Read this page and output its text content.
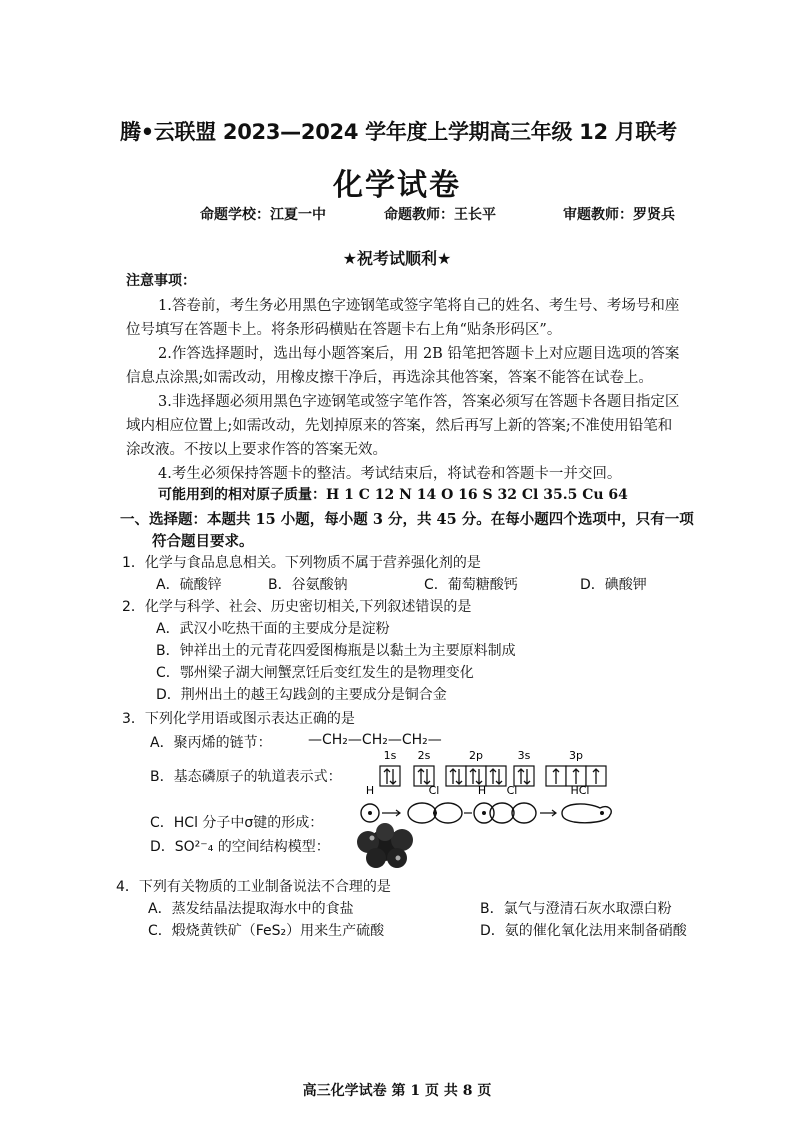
腾•云联盟 2023—2024 学年度上学期高三年级 12 月联考
化学试卷
命题学校：江夏一中	命题教师：王长平	审题教师：罗贤兵
★祝考试顺利★
注意事项：
1.答卷前，考生务必用黑色字迹钢笔或签字笔将自己的姓名、考生号、考场号和座
位号填写在答题卡上。将条形码横贴在答题卡右上角“贴条形码区”。
2.作答选择题时，选出每小题答案后，用 2B 铅笔把答题卡上对应题目选项的答案
信息点涂黑;如需改动，用橡皮擦干净后，再选涂其他答案，答案不能答在试卷上。
3.非选择题必须用黑色字迹钢笔或签字笔作答，答案必须写在答题卡各题目指定区
域内相应位置上;如需改动，先划掉原来的答案，然后再写上新的答案;不准使用铅笔和
涂改液。不按以上要求作答的答案无效。
4.考生必须保持答题卡的整洁。考试结束后，将试卷和答题卡一并交回。
可能用到的相对原子质量：H 1 C 12 N 14 O 16 S 32 Cl 35.5 Cu 64
一、选择题：本题共 15 小题，每小题 3 分，共 45 分。在每小题四个选项中，只有一项
符合题目要求。
1．化学与食品息息相关。下列物质不属于营养强化剂的是
A．硫酸锌	B．谷氨酸钠	C．葡萄糖酸钙	D．碘酸钾
2．化学与科学、社会、历史密切相关,下列叙述错误的是
A．武汉小吃热干面的主要成分是淀粉
B．钟祥出土的元青花四爱图梅瓶是以黏土为主要原料制成
C．鄂州梁子湖大闸蟹烹饪后变红发生的是物理变化
D．荆州出土的越王勾践剑的主要成分是铜合金
3．下列化学用语或图示表达正确的是
A．聚丙烯的链节：	—CH₂—CH₂—CH₂—
B．基态磷原子的轨道表示式：
1s 2s	2p	3s	3p
C．HCl 分子中σ键的形成：
H	Cl	H Cl	HCl
D．SO²⁻₄ 的空间结构模型：
4．下列有关物质的工业制备说法不合理的是
A．蒸发结晶法提取海水中的食盐	B．氯气与澄清石灰水取漂白粉
C．煅烧黄铁矿（FeS₂）用来生产硫酸	D．氨的催化氧化法用来制备硝酸
高三化学试卷 第 1 页 共 8 页
